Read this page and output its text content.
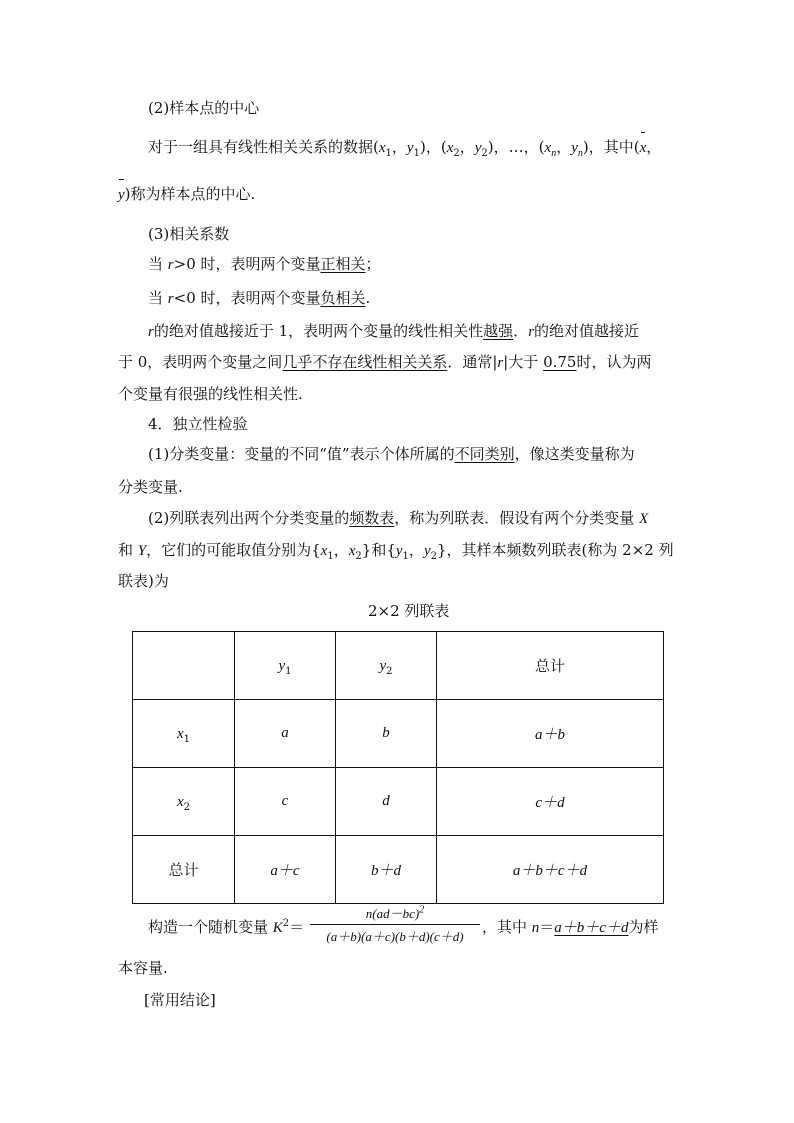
(2)样本点的中心
对于一组具有线性相关关系的数据($x_1$，$y_1$)，($x_2$，$y_2$)，…，($x_n$，$y_n$)，其中(x，
y)称为样本点的中心.
(3)相关系数
当 r>0 时，表明两个变量正相关；
当 r<0 时，表明两个变量负相关.
r的绝对值越接近于 1，表明两个变量的线性相关性越强．r的绝对值越接近
于 0，表明两个变量之间几乎不存在线性相关关系．通常|r|大于 0.75时，认为两
个变量有很强的线性相关性.
4．独立性检验
(1)分类变量：变量的不同“值”表示个体所属的不同类别，像这类变量称为
分类变量.
(2)列联表列出两个分类变量的频数表，称为列联表．假设有两个分类变量 X
和 Y，它们的可能取值分别为{$x_1$，$x_2$}和{$y_1$，$y_2$}，其样本频数列联表(称为 2×2 列
联表)为
2×2 列联表
	$y_1$	$y_2$	总计
$x_1$	a	b	a＋b
$x_2$	c	d	c＋d
总计	a＋c	b＋d	a＋b＋c＋d
构造一个随机变量 $K^2= \frac{n(ad-bc)^2}{(a+b)(a+c)(b+d)(c+d)}$ ，其中 n＝a＋b＋c＋d为样
本容量.
[常用结论]
